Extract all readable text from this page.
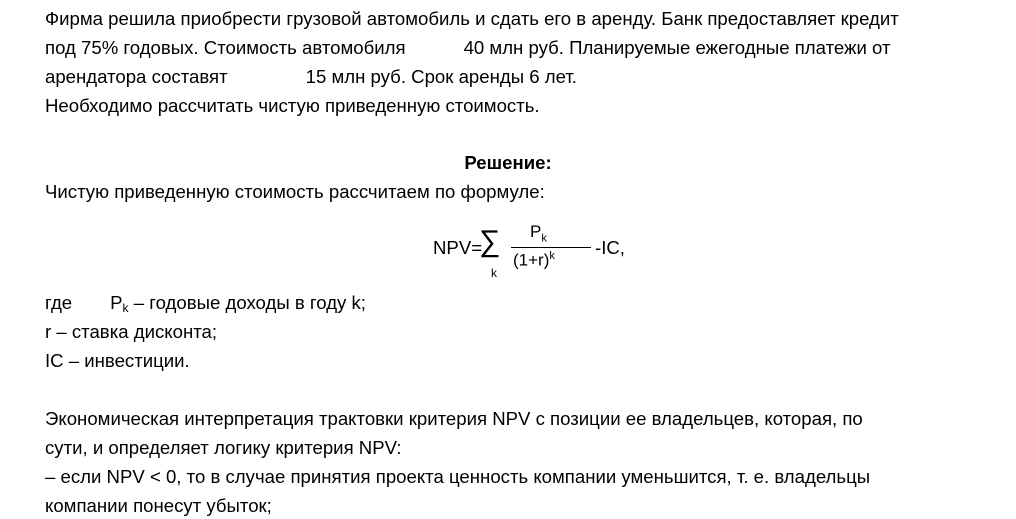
Фирма решила приобрести грузовой автомобиль и сдать его в аренду. Банк предоставляет кредит
под 75% годовых. Стоимость автомобиля	40 млн руб. Планируемые ежегодные платежи от
арендатора составят	15 млн руб. Срок аренды 6 лет.
Необходимо рассчитать чистую приведенную стоимость.
Решение:
Чистую приведенную стоимость рассчитаем по формуле:
NPV=
∑
k
$P_k$
$(1+r)^k$ -IC,
где $P_k$ – годовые доходы в году k;
r – ставка дисконта;
IC – инвестиции.
Экономическая интерпретация трактовки критерия NPV с позиции ее владельцев, которая, по
сути, и определяет логику критерия NPV:
– если NPV < 0, то в случае принятия проекта ценность компании уменьшится, т. е. владельцы
компании понесут убыток;
